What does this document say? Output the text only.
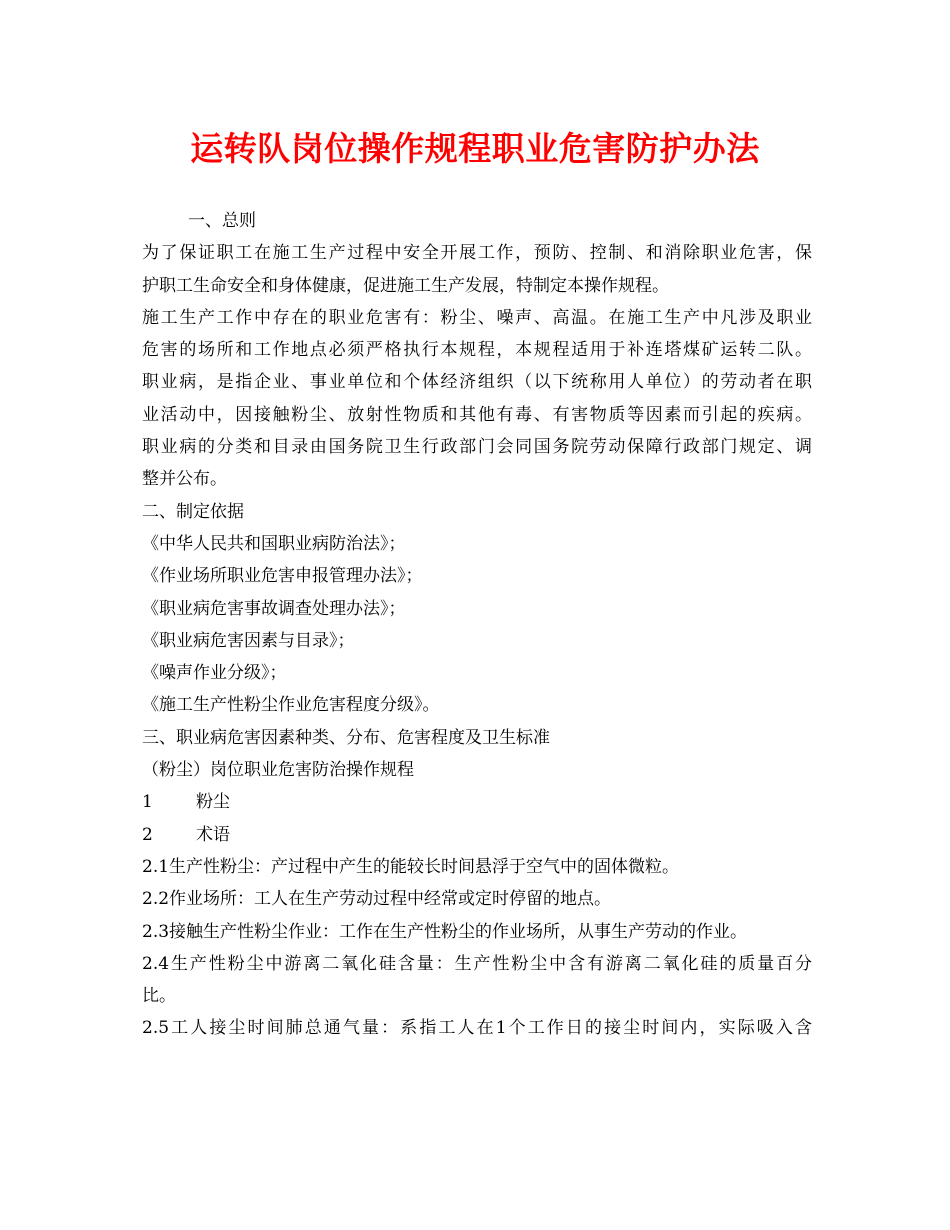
运转队岗位操作规程职业危害防护办法
一、总则
为了保证职工在施工生产过程中安全开展工作，预防、控制、和消除职业危害，保
护职工生命安全和身体健康，促进施工生产发展，特制定本操作规程。
施工生产工作中存在的职业危害有：粉尘、噪声、高温。在施工生产中凡涉及职业
危害的场所和工作地点必须严格执行本规程，本规程适用于补连塔煤矿运转二队。
职业病，是指企业、事业单位和个体经济组织（以下统称用人单位）的劳动者在职
业活动中，因接触粉尘、放射性物质和其他有毒、有害物质等因素而引起的疾病。
职业病的分类和目录由国务院卫生行政部门会同国务院劳动保障行政部门规定、调
整并公布。
二、制定依据
《中华人民共和国职业病防治法》；
《作业场所职业危害申报管理办法》；
《职业病危害事故调查处理办法》；
《职业病危害因素与目录》；
《噪声作业分级》；
《施工生产性粉尘作业危害程度分级》。
三、职业病危害因素种类、分布、危害程度及卫生标准
（粉尘）岗位职业危害防治操作规程
1	粉尘
2	术语
2.1生产性粉尘：产过程中产生的能较长时间悬浮于空气中的固体微粒。
2.2作业场所：工人在生产劳动过程中经常或定时停留的地点。
2.3接触生产性粉尘作业：工作在生产性粉尘的作业场所，从事生产劳动的作业。
2.4生产性粉尘中游离二氧化硅含量：生产性粉尘中含有游离二氧化硅的质量百分
比。
2.5工人接尘时间肺总通气量：系指工人在1个工作日的接尘时间内，实际吸入含
